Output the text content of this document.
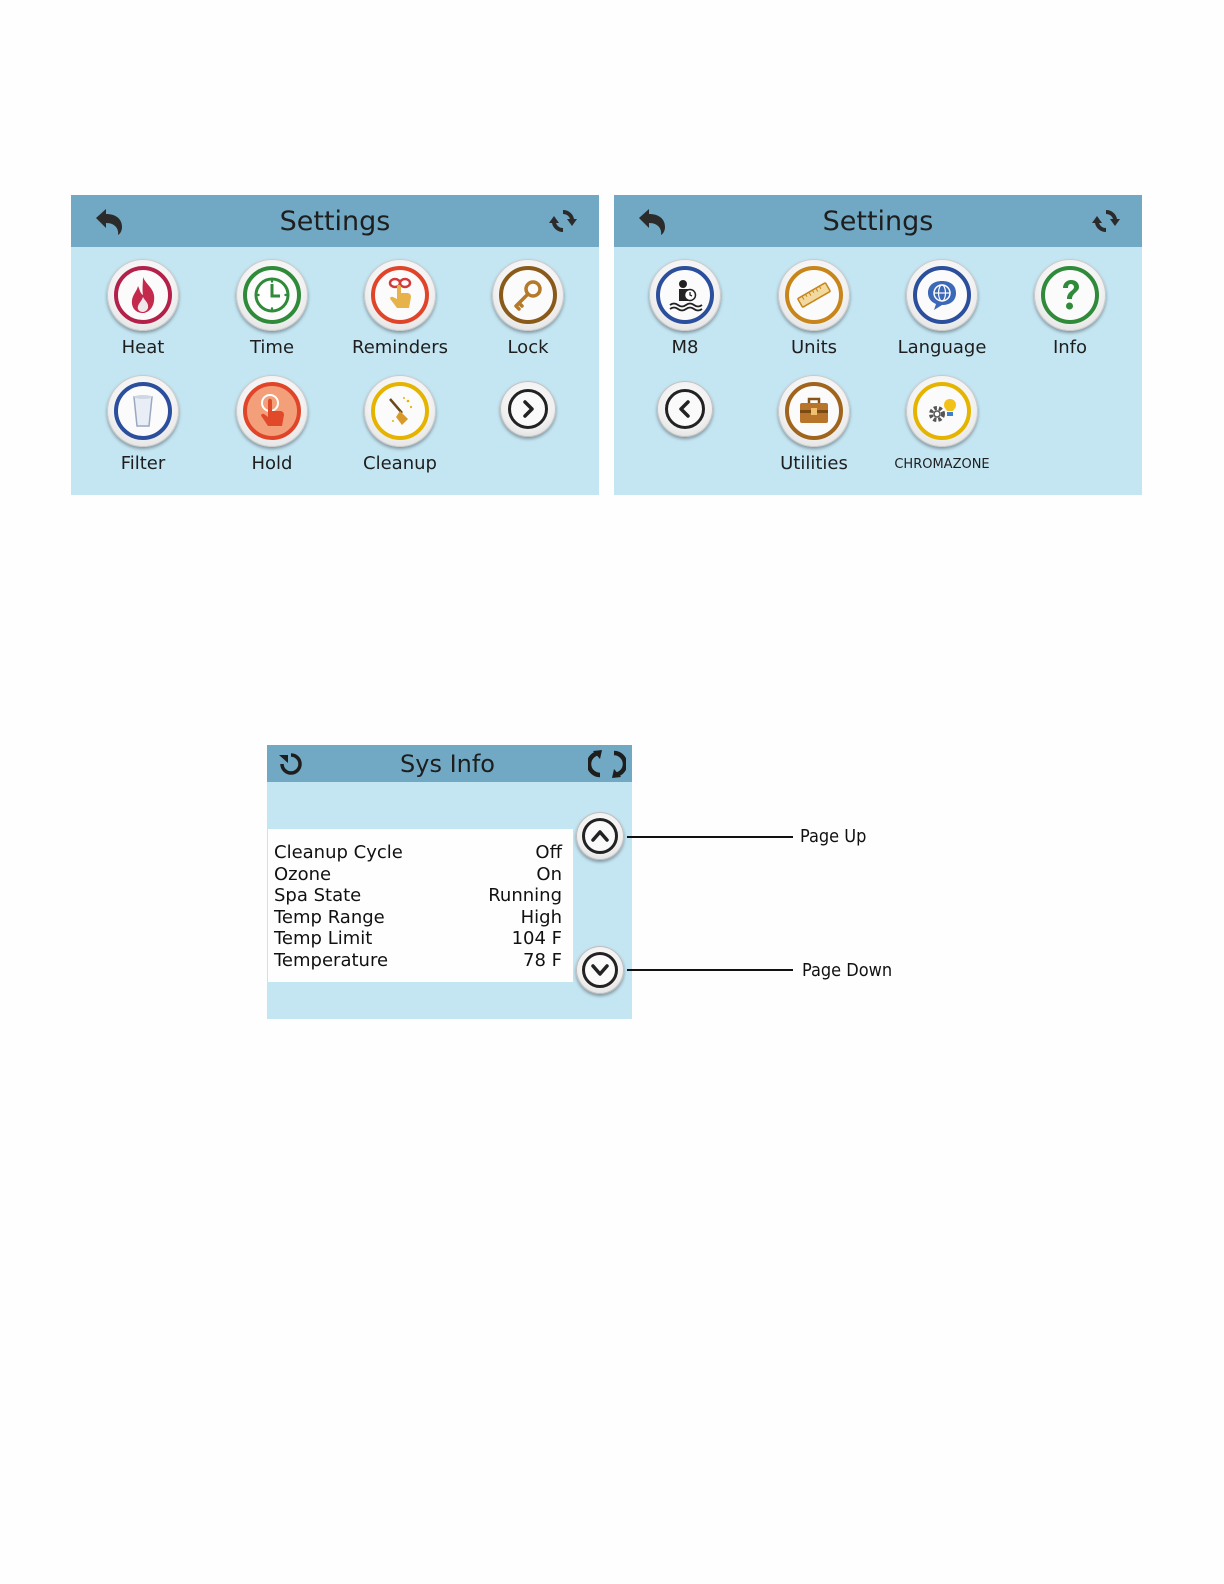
Settings
Heat	Time	Reminders	Lock
Filter	Hold	Cleanup
Settings
M8	Units	Language	Info
Utilities	CHROMAZONE
Sys Info
Cleanup Cycle	Off
Ozone	On
Spa State	Running
Temp Range	High
Temp Limit	104 F
Temperature	78 F
Page Up
Page Down
